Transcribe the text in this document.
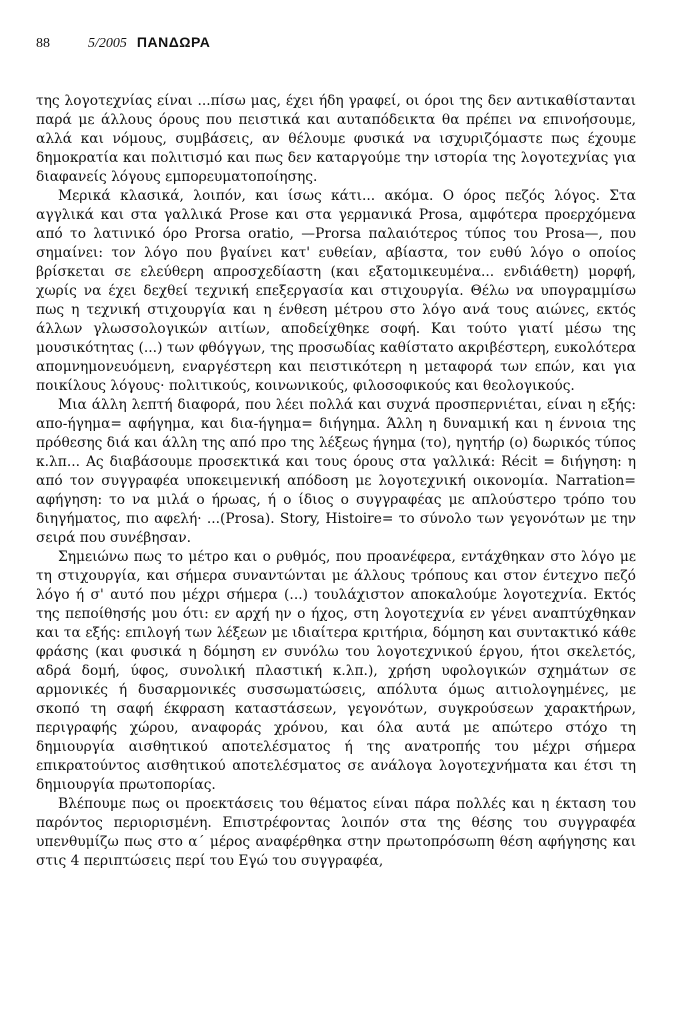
88	5/2005 ΠΑΝΔΩΡΑ

της λογοτεχνίας είναι ...πίσω μας, έχει ήδη γραφεί, οι όροι της δεν αντικαθίστανται παρά με άλλους όρους που πειστικά και αυταπόδεικτα θα πρέπει να επινοήσουμε, αλλά και νόμους, συμβάσεις, αν θέλουμε φυσικά να ισχυριζόμαστε πως έχουμε δημοκρατία και πολιτισμό και πως δεν καταργούμε την ιστορία της λογοτεχνίας για διαφανείς λόγους εμπορευματοποίησης.

Μερικά κλασικά, λοιπόν, και ίσως κάτι... ακόμα. Ο όρος πεζός λόγος. Στα αγγλικά και στα γαλλικά Prose και στα γερμανικά Prosa, αμφότερα προερχόμενα από το λατινικό όρο Prorsa oratio, —Prorsa παλαιότερος τύπος του Prosa—, που σημαίνει: τον λόγο που βγαίνει κατ' ευθείαν, αβίαστα, τον ευθύ λόγο ο οποίος βρίσκεται σε ελεύθερη απροσχεδίαστη (και εξατομικευμένα... ενδιάθετη) μορφή, χωρίς να έχει δεχθεί τεχνική επεξεργασία και στιχουργία. Θέλω να υπογραμμίσω πως η τεχνική στιχουργία και η ένθεση μέτρου στο λόγο ανά τους αιώνες, εκτός άλλων γλωσσολογικών αιτίων, αποδείχθηκε σοφή. Και τούτο γιατί μέσω της μουσικότητας (...) των φθόγγων, της προσωδίας καθίστατο ακριβέστερη, ευκολότερα απομνημονευόμενη, εναργέστερη και πειστικότερη η μεταφορά των επών, και για ποικίλους λόγους· πολιτικούς, κοινωνικούς, φιλοσοφικούς και θεολογικούς.

Μια άλλη λεπτή διαφορά, που λέει πολλά και συχνά προσπερνιέται, είναι η εξής: απο-ήγημα= αφήγημα, και δια-ήγημα= διήγημα. Άλλη η δυναμική και η έννοια της πρόθεσης διά και άλλη της από προ της λέξεως ήγημα (το), ηγητήρ (ο) δωρικός τύπος κ.λπ... Ας διαβάσουμε προσεκτικά και τους όρους στα γαλλικά: Récit = διήγηση: η από τον συγγραφέα υποκειμενική απόδοση με λογοτεχνική οικονομία. Narration= αφήγηση: το να μιλά ο ήρωας, ή ο ίδιος ο συγγραφέας με απλούστερο τρόπο του διηγήματος, πιο αφελή· ...(Prosa). Story, Histoire= το σύνολο των γεγονότων με την σειρά που συνέβησαν.

Σημειώνω πως το μέτρο και ο ρυθμός, που προανέφερα, εντάχθηκαν στο λόγο με τη στιχουργία, και σήμερα συναντώνται με άλλους τρόπους και στον έντεχνο πεζό λόγο ή σ' αυτό που μέχρι σήμερα (...) τουλάχιστον αποκαλούμε λογοτεχνία. Εκτός της πεποίθησής μου ότι: εν αρχή ην ο ήχος, στη λογοτεχνία εν γένει αναπτύχθηκαν και τα εξής: επιλογή των λέξεων με ιδιαίτερα κριτήρια, δόμηση και συντακτικό κάθε φράσης (και φυσικά η δόμηση εν συνόλω του λογοτεχνικού έργου, ήτοι σκελετός, αδρά δομή, ύφος, συνολική πλαστική κ.λπ.), χρήση υφολογικών σχημάτων σε αρμονικές ή δυσαρμονικές συσσωματώσεις, απόλυτα όμως αιτιολογημένες, με σκοπό τη σαφή έκφραση καταστάσεων, γεγονότων, συγκρούσεων χαρακτήρων, περιγραφής χώρου, αναφοράς χρόνου, και όλα αυτά με απώτερο στόχο τη δημιουργία αισθητικού αποτελέσματος ή της ανατροπής του μέχρι σήμερα επικρατούντος αισθητικού αποτελέσματος σε ανάλογα λογοτεχνήματα και έτσι τη δημιουργία πρωτοπορίας.

Βλέπουμε πως οι προεκτάσεις του θέματος είναι πάρα πολλές και η έκταση του παρόντος περιορισμένη. Επιστρέφοντας λοιπόν στα της θέσης του συγγραφέα υπενθυμίζω πως στο α΄ μέρος αναφέρθηκα στην πρωτοπρόσωπη θέση αφήγησης και στις 4 περιπτώσεις περί του Εγώ του συγγραφέα,
